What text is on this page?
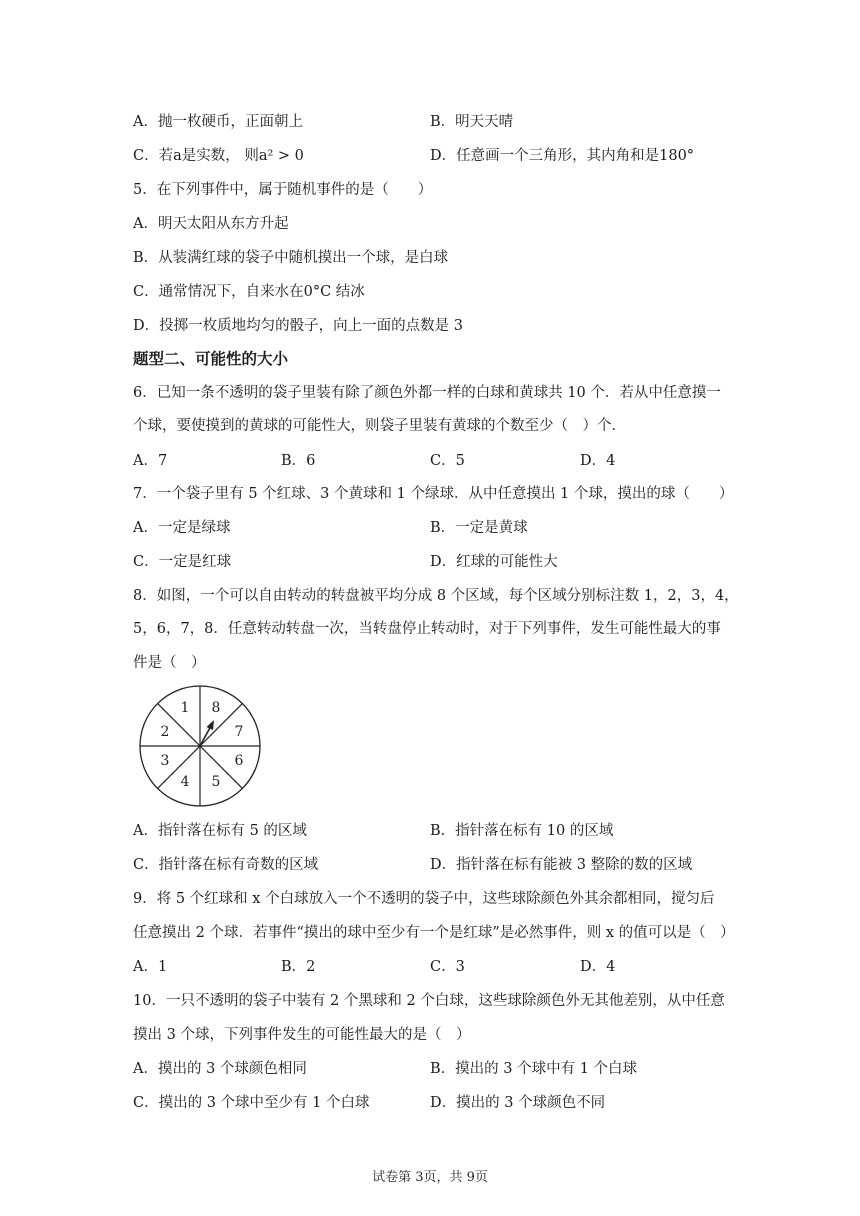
A．抛一枚硬币，正面朝上	B．明天天晴
C．若a是实数， 则a² > 0	D．任意画一个三角形，其内角和是180°
5．在下列事件中，属于随机事件的是（　　）
A．明天太阳从东方升起
B．从装满红球的袋子中随机摸出一个球，是白球
C．通常情况下，自来水在0°C 结冰
D．投掷一枚质地均匀的骰子，向上一面的点数是 3
题型二、可能性的大小
6．已知一条不透明的袋子里装有除了颜色外都一样的白球和黄球共 10 个．若从中任意摸一
个球，要使摸到的黄球的可能性大，则袋子里装有黄球的个数至少（　）个．
A．7	B．6	C．5	D．4
7．一个袋子里有 5 个红球、3 个黄球和 1 个绿球．从中任意摸出 1 个球，摸出的球（　　）
A．一定是绿球	B．一定是黄球
C．一定是红球	D．红球的可能性大
8．如图，一个可以自由转动的转盘被平均分成 8 个区域，每个区域分别标注数 1，2，3，4，
5，6，7，8．任意转动转盘一次，当转盘停止转动时，对于下列事件，发生可能性最大的事
件是（　）
1
2
3
4 5
6
7
8
A．指针落在标有 5 的区域	B．指针落在标有 10 的区域
C．指针落在标有奇数的区域	D．指针落在标有能被 3 整除的数的区域
9．将 5 个红球和 x 个白球放入一个不透明的袋子中，这些球除颜色外其余都相同，搅匀后
任意摸出 2 个球．若事件“摸出的球中至少有一个是红球”是必然事件，则 x 的值可以是（　）
A．1	B．2	C．3	D．4
10．一只不透明的袋子中装有 2 个黑球和 2 个白球，这些球除颜色外无其他差别，从中任意
摸出 3 个球，下列事件发生的可能性最大的是（　）
A．摸出的 3 个球颜色相同	B．摸出的 3 个球中有 1 个白球
C．摸出的 3 个球中至少有 1 个白球	D．摸出的 3 个球颜色不同
试卷第 3页，共 9页
